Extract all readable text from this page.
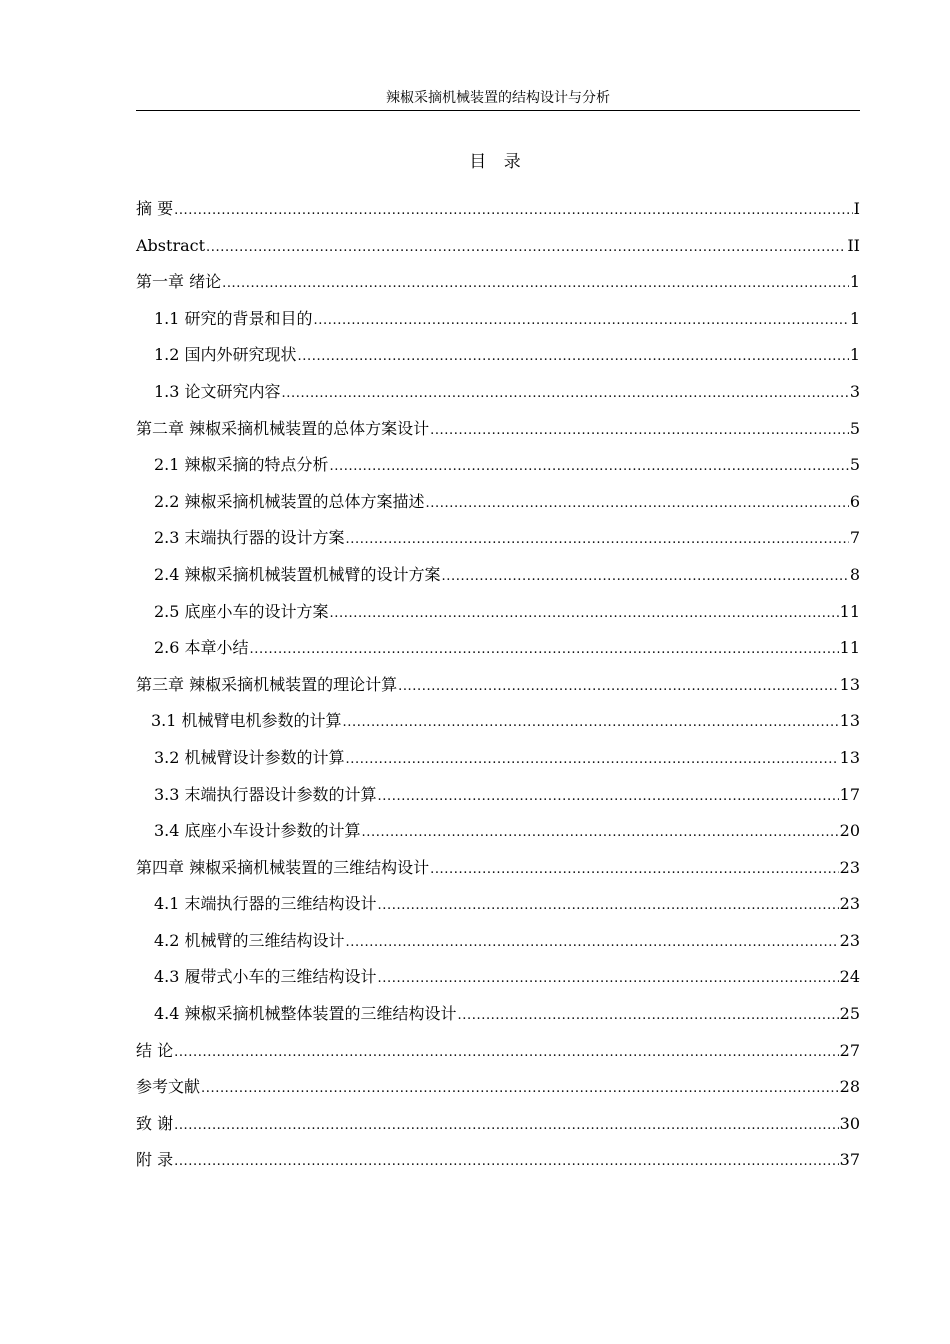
辣椒采摘机械装置的结构设计与分析
目 录
摘 要 .....	I
Abstract .....	II
第一章 绪论 .....	1
1.1 研究的背景和目的 .....	1
1.2 国内外研究现状 .....	1
1.3 论文研究内容 .....	3
第二章 辣椒采摘机械装置的总体方案设计 .....	5
2.1 辣椒采摘的特点分析 .....	5
2.2 辣椒采摘机械装置的总体方案描述 .....	6
2.3 末端执行器的设计方案 .....	7
2.4 辣椒采摘机械装置机械臂的设计方案 .....	8
2.5 底座小车的设计方案 .....	11
2.6 本章小结 .....	11
第三章 辣椒采摘机械装置的理论计算 .....	13
3.1 机械臂电机参数的计算 .....	13
3.2 机械臂设计参数的计算 .....	13
3.3 末端执行器设计参数的计算 .....	17
3.4 底座小车设计参数的计算 .....	20
第四章 辣椒采摘机械装置的三维结构设计 .....	23
4.1 末端执行器的三维结构设计 .....	23
4.2 机械臂的三维结构设计 .....	23
4.3 履带式小车的三维结构设计 .....	24
4.4 辣椒采摘机械整体装置的三维结构设计 .....	25
结 论 .....	27
参考文献 .....	28
致 谢 .....	30
附 录 .....	37
